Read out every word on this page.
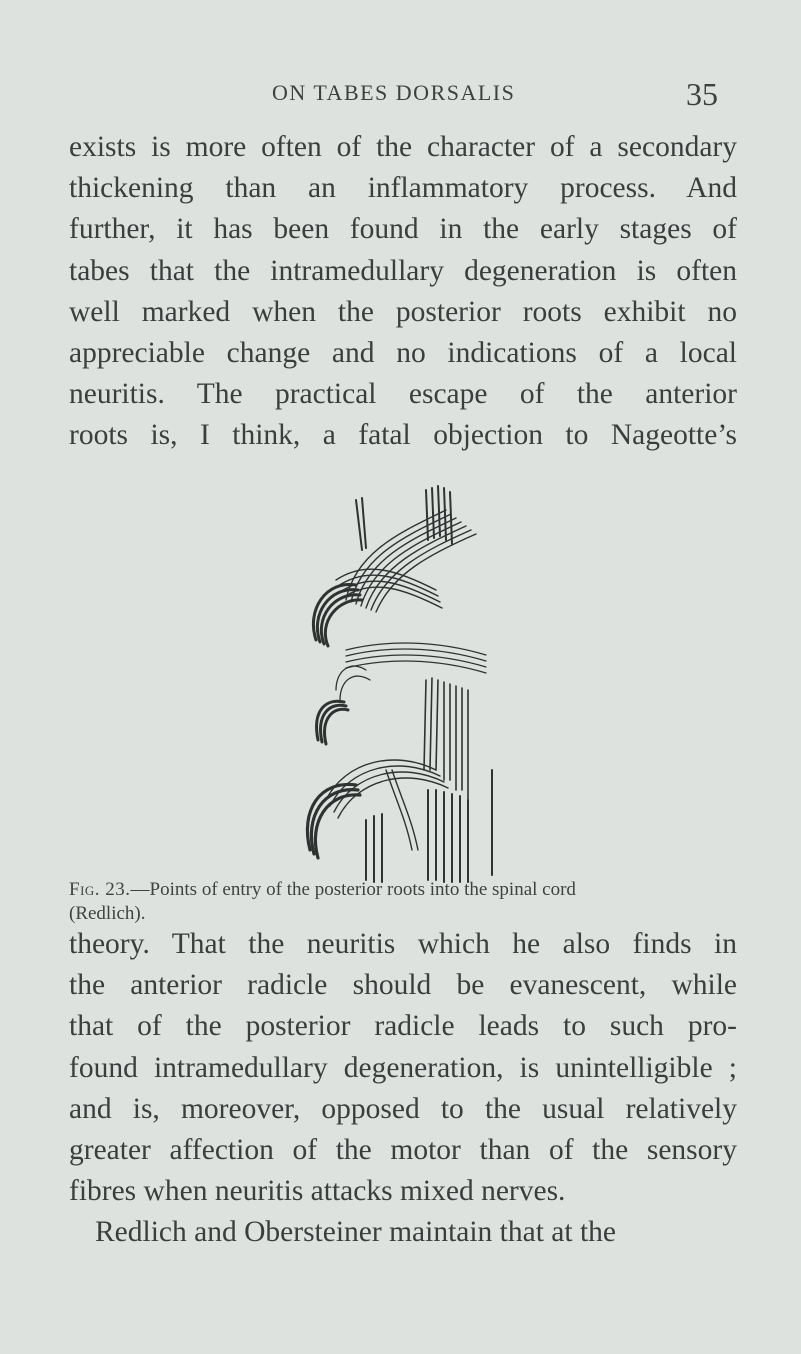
ON TABES DORSALIS	35
exists is more often of the character of a secondary
thickening than an inflammatory process. And
further, it has been found in the early stages of
tabes that the intramedullary degeneration is often
well marked when the posterior roots exhibit no
appreciable change and no indications of a local
neuritis. The practical escape of the anterior
roots is, I think, a fatal objection to Nageotte’s
Fig. 23.—Points of entry of the posterior roots into the spinal cord
(Redlich).
theory. That the neuritis which he also finds in
the anterior radicle should be evanescent, while
that of the posterior radicle leads to such pro-
found intramedullary degeneration, is unintelligible ;
and is, moreover, opposed to the usual relatively
greater affection of the motor than of the sensory
fibres when neuritis attacks mixed nerves.
Redlich and Obersteiner maintain that at the
